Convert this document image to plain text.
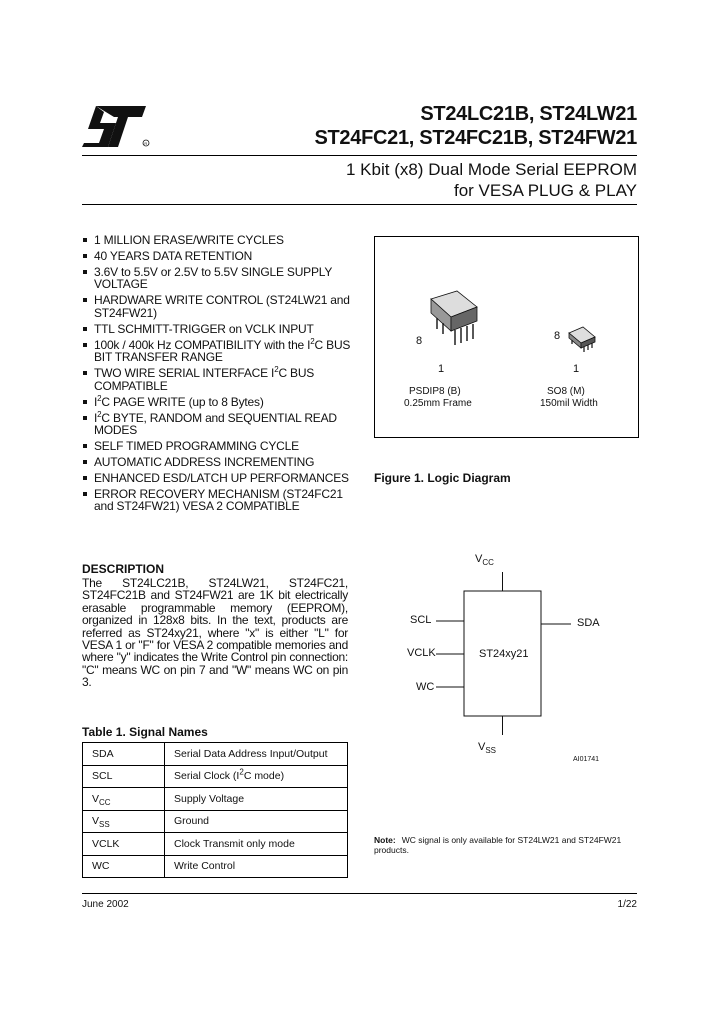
R
ST24LC21B, ST24LW21
ST24FC21, ST24FC21B, ST24FW21
1 Kbit (x8) Dual Mode Serial EEPROM
for VESA PLUG & PLAY
1 MILLION ERASE/WRITE CYCLES
40 YEARS DATA RETENTION
3.6V to 5.5V or 2.5V to 5.5V SINGLE SUPPLY VOLTAGE
HARDWARE WRITE CONTROL (ST24LW21 and ST24FW21)
TTL SCHMITT-TRIGGER on VCLK INPUT
100k / 400k Hz COMPATIBILITY with the $I^2C$ BUS BIT TRANSFER RANGE
TWO WIRE SERIAL INTERFACE $I^2C$ BUS COMPATIBLE
$I^2C$ PAGE WRITE (up to 8 Bytes)
$I^2C$ BYTE, RANDOM and SEQUENTIAL READ MODES
SELF TIMED PROGRAMMING CYCLE
AUTOMATIC ADDRESS INCREMENTING
ENHANCED ESD/LATCH UP PERFORMANCES
ERROR RECOVERY MECHANISM (ST24FC21 and ST24FW21) VESA 2 COMPATIBLE
DESCRIPTION
The ST24LC21B, ST24LW21, ST24FC21, ST24FC21B and ST24FW21 are 1K bit electrically erasable programmable memory (EEPROM), organized in 128x8 bits. In the text, products are referred as ST24xy21, where "x" is either "L" for VESA 1 or "F" for VESA 2 compatible memories and where "y" indicates the Write Control pin connection: "C" means WC on pin 7 and "W" means WC on pin 3.
Table 1. Signal Names
SDA	Serial Data Address Input/Output
SCL	Serial Clock ($I^2C$ mode)
$V_{CC}$	Supply Voltage
$V_{SS}$	Ground
VCLK	Clock Transmit only mode
WC	Write Control
8
1
PSDIP8 (B)
0.25mm Frame
8
1
SO8 (M)
150mil Width
Figure 1. Logic Diagram
$V_{CC}$
$V_{SS}$
SCL
VCLK
WC
SDA
ST24xy21
AI01741
Note: WC signal is only available for ST24LW21 and ST24FW21 products.
June 2002	1/22
